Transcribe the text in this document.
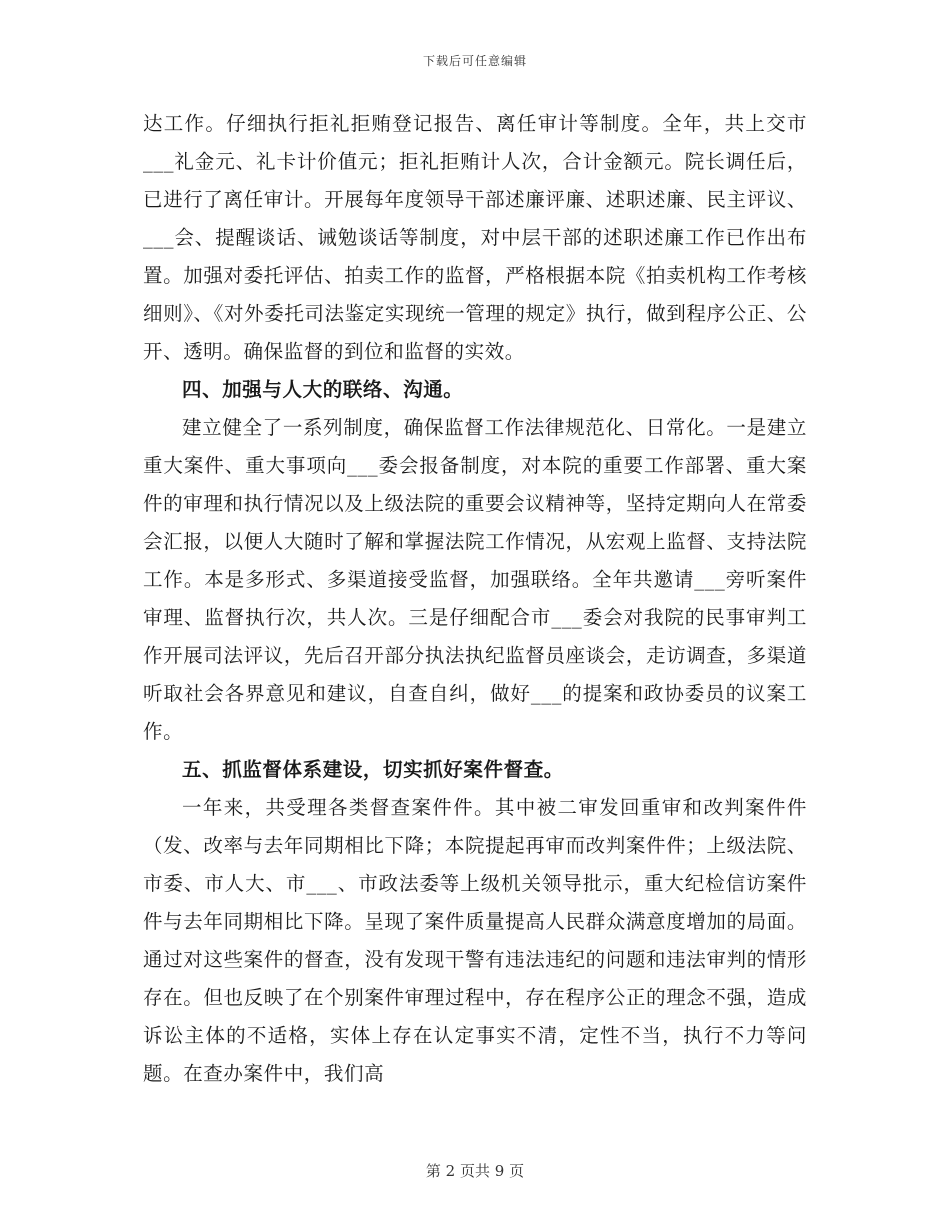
下载后可任意编辑

达工作。仔细执行拒礼拒贿登记报告、离任审计等制度。全年，共上交市___礼金元、礼卡计价值元；拒礼拒贿计人次，合计金额元。院长调任后，已进行了离任审计。开展每年度领导干部述廉评廉、述职述廉、民主评议、___会、提醒谈话、诫勉谈话等制度，对中层干部的述职述廉工作已作出布置。加强对委托评估、拍卖工作的监督，严格根据本院《拍卖机构工作考核细则》、《对外委托司法鉴定实现统一管理的规定》执行，做到程序公正、公开、透明。确保监督的到位和监督的实效。

四、加强与人大的联络、沟通。

建立健全了一系列制度，确保监督工作法律规范化、日常化。一是建立重大案件、重大事项向___委会报备制度，对本院的重要工作部署、重大案件的审理和执行情况以及上级法院的重要会议精神等，坚持定期向人在常委会汇报，以便人大随时了解和掌握法院工作情况，从宏观上监督、支持法院工作。本是多形式、多渠道接受监督，加强联络。全年共邀请___旁听案件审理、监督执行次，共人次。三是仔细配合市___委会对我院的民事审判工作开展司法评议，先后召开部分执法执纪监督员座谈会，走访调查，多渠道听取社会各界意见和建议，自查自纠，做好___的提案和政协委员的议案工作。

五、抓监督体系建设，切实抓好案件督查。

一年来，共受理各类督查案件件。其中被二审发回重审和改判案件件（发、改率与去年同期相比下降；本院提起再审而改判案件件；上级法院、市委、市人大、市___、市政法委等上级机关领导批示，重大纪检信访案件件与去年同期相比下降。呈现了案件质量提高人民群众满意度增加的局面。通过对这些案件的督查，没有发现干警有违法违纪的问题和违法审判的情形存在。但也反映了在个别案件审理过程中，存在程序公正的理念不强，造成诉讼主体的不适格，实体上存在认定事实不清，定性不当，执行不力等问题。在查办案件中，我们高

第 2 页共 9 页
